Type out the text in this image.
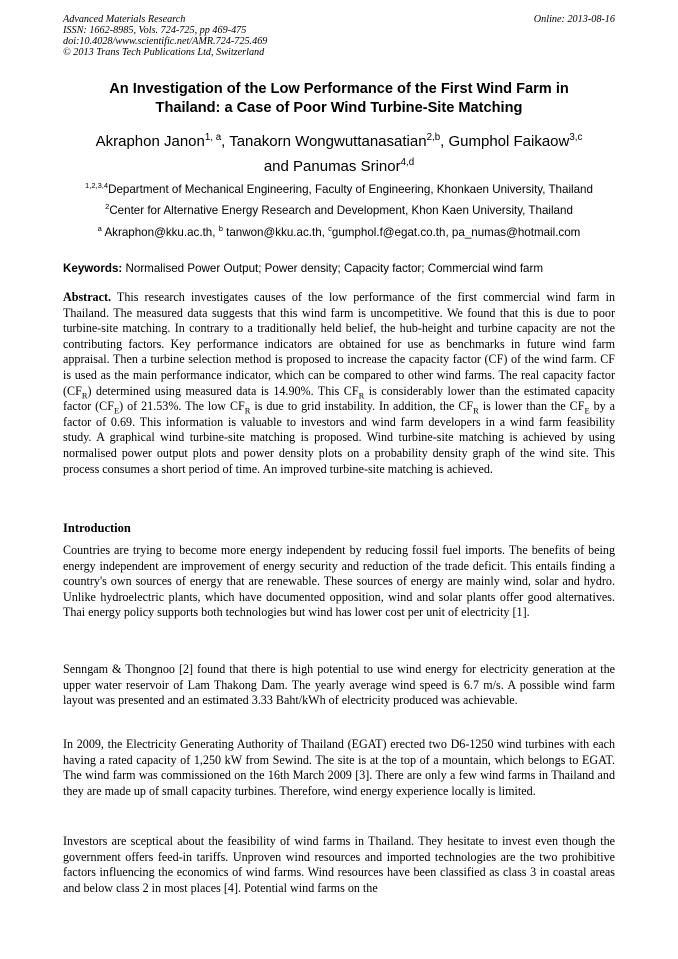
Advanced Materials Research
ISSN: 1662-8985, Vols. 724-725, pp 469-475
doi:10.4028/www.scientific.net/AMR.724-725.469
© 2013 Trans Tech Publications Ltd, Switzerland
Online: 2013-08-16
An Investigation of the Low Performance of the First Wind Farm in
Thailand: a Case of Poor Wind Turbine-Site Matching
Akraphon Janon$^{1, a}$, Tanakorn Wongwuttanasatian$^{2,b}$, Gumphol Faikaow$^{3,c}$
and Panumas Srinor$^{4,d}$
$^{1,2,3,4}$Department of Mechanical Engineering, Faculty of Engineering, Khonkaen University, Thailand
$^2$Center for Alternative Energy Research and Development, Khon Kaen University, Thailand
$^a$ Akraphon@kku.ac.th, $^b$ tanwon@kku.ac.th, $^c$gumphol.f@egat.co.th, pa_numas@hotmail.com
Keywords: Normalised Power Output; Power density; Capacity factor; Commercial wind farm
Abstract. This research investigates causes of the low performance of the first commercial wind farm in Thailand. The measured data suggests that this wind farm is uncompetitive. We found that this is due to poor turbine-site matching. In contrary to a traditionally held belief, the hub-height and turbine capacity are not the contributing factors. Key performance indicators are obtained for use as benchmarks in future wind farm appraisal. Then a turbine selection method is proposed to increase the capacity factor (CF) of the wind farm. CF is used as the main performance indicator, which can be compared to other wind farms. The real capacity factor $(CF_R)$ determined using measured data is 14.90%. This $CF_R$ is considerably lower than the estimated capacity factor $(CF_E)$ of 21.53%. The low $CF_R$ is due to grid instability. In addition, the $CF_R$ is lower than the $CF_E$ by a factor of 0.69. This information is valuable to investors and wind farm developers in a wind farm feasibility study. A graphical wind turbine-site matching is proposed. Wind turbine-site matching is achieved by using normalised power output plots and power density plots on a probability density graph of the wind site. This process consumes a short period of time. An improved turbine-site matching is achieved.
Introduction
Countries are trying to become more energy independent by reducing fossil fuel imports. The benefits of being energy independent are improvement of energy security and reduction of the trade deficit. This entails finding a country's own sources of energy that are renewable. These sources of energy are mainly wind, solar and hydro. Unlike hydroelectric plants, which have documented opposition, wind and solar plants offer good alternatives. Thai energy policy supports both technologies but wind has lower cost per unit of electricity [1].
Senngam & Thongnoo [2] found that there is high potential to use wind energy for electricity generation at the upper water reservoir of Lam Thakong Dam. The yearly average wind speed is 6.7 m/s. A possible wind farm layout was presented and an estimated 3.33 Baht/kWh of electricity produced was achievable.
In 2009, the Electricity Generating Authority of Thailand (EGAT) erected two D6-1250 wind turbines with each having a rated capacity of 1,250 kW from Sewind. The site is at the top of a mountain, which belongs to EGAT. The wind farm was commissioned on the 16th March 2009 [3]. There are only a few wind farms in Thailand and they are made up of small capacity turbines. Therefore, wind energy experience locally is limited.
Investors are sceptical about the feasibility of wind farms in Thailand. They hesitate to invest even though the government offers feed-in tariffs. Unproven wind resources and imported technologies are the two prohibitive factors influencing the economics of wind farms. Wind resources have been classified as class 3 in coastal areas and below class 2 in most places [4]. Potential wind farms on the
